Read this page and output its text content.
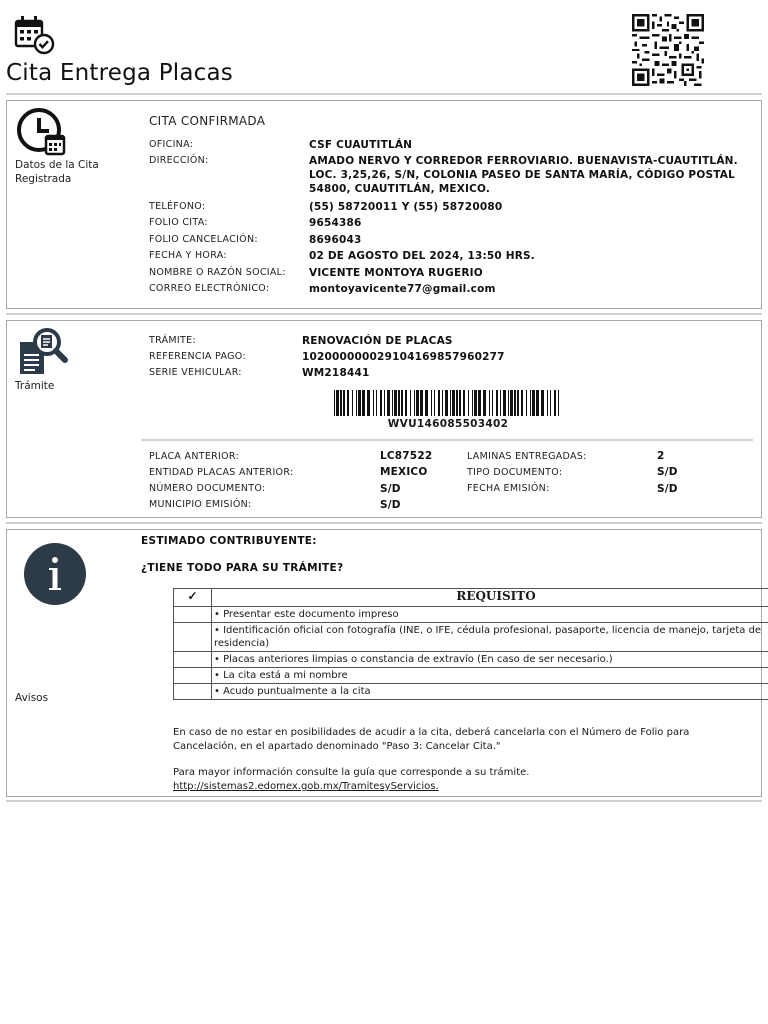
Cita Entrega Placas
Datos de la Cita Registrada
CITA CONFIRMADA
OFICINA:	CSF CUAUTITLÁN
DIRECCIÓN:	AMADO NERVO Y CORREDOR FERROVIARIO. BUENAVISTA-CUAUTITLÁN. LOC. 3,25,26, S/N, COLONIA PASEO DE SANTA MARÍA, CÓDIGO POSTAL 54800, CUAUTITLÁN, MEXICO.
TELÉFONO:	(55) 58720011 Y (55) 58720080
FOLIO CITA:	9654386
FOLIO CANCELACIÓN:	8696043
FECHA Y HORA:	02 DE AGOSTO DEL 2024, 13:50 HRS.
NOMBRE O RAZÓN SOCIAL:	VICENTE MONTOYA RUGERIO
CORREO ELECTRÓNICO:	montoyavicente77@gmail.com
Trámite
TRÁMITE:	RENOVACIÓN DE PLACAS
REFERENCIA PAGO:	10200000002910416985796027​7
SERIE VEHICULAR:	WM218441
WVU146085503402
PLACA ANTERIOR:	LC87522	LAMINAS ENTREGADAS:	2
ENTIDAD PLACAS ANTERIOR:	MEXICO	TIPO DOCUMENTO:	S/D
NÚMERO DOCUMENTO:	S/D	FECHA EMISIÓN:	S/D
MUNICIPIO EMISIÓN:	S/D
Avisos
ESTIMADO CONTRIBUYENTE:
¿TIENE TODO PARA SU TRÁMITE?
✓	REQUISITO
	• Presentar este documento impreso
	• Identificación oficial con fotografía (INE, o IFE, cédula profesional, pasaporte, licencia de manejo, tarjeta de residencia)
	• Placas anteriores limpias o constancia de extravío (En caso de ser necesario.)
	• La cita está a mi nombre
	• Acudo puntualmente a la cita
En caso de no estar en posibilidades de acudir a la cita, deberá cancelarla con el Número de Folio para Cancelación, en el apartado denominado "Paso 3: Cancelar Cita."
Para mayor información consulte la guía que corresponde a su trámite.
http://sistemas2.edomex.gob.mx/TramitesyServicios.
